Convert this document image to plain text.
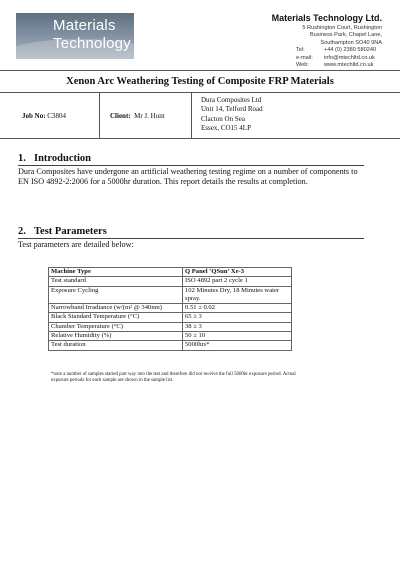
Materials
Technology
Materials Technology Ltd.
5 Rushington Court, Rushington
Business Park, Chapel Lane,
Southampton SO40 9NA
Tel:	+44 (0) 2380 580240
e-mail:	info@mtechltd.co.uk
Web:	www.mtechltd.co.uk
Xenon Arc Weathering Testing of Composite FRP Materials
Job No:
C3804	Client:
Mr J. Hunt
Dura Composites Ltd
Unit 14, Telford Road
Clacton On Sea
Essex, CO15 4LP
1. Introduction
Dura Composites have undergone an artificial weathering testing regime on a number of components to EN ISO 4892-2:2006 for a 5000hr duration. This report details the results at completion.
2. Test Parameters
Test parameters are detailed below:
Machine Type	Q Panel ‘QSun’ Xe-3
Test standard	ISO 4892 part 2 cycle 1
Exposure Cycling	102 Minutes Dry, 18 Minutes water spray.
Narrowband Irradiance (w/(m² @ 340nm)	0.51 ± 0.02
Black Standard Temperature (°C)	65 ± 3
Chamber Temperature (°C)	38 ± 3
Relative Humidity (%)	50 ± 10
Test duration	5000hrs*
*note a number of samples started part way into the test and therefore did not receive the full 5000hr exposure period. Actual exposure periods for each sample are shown in the sample list.
